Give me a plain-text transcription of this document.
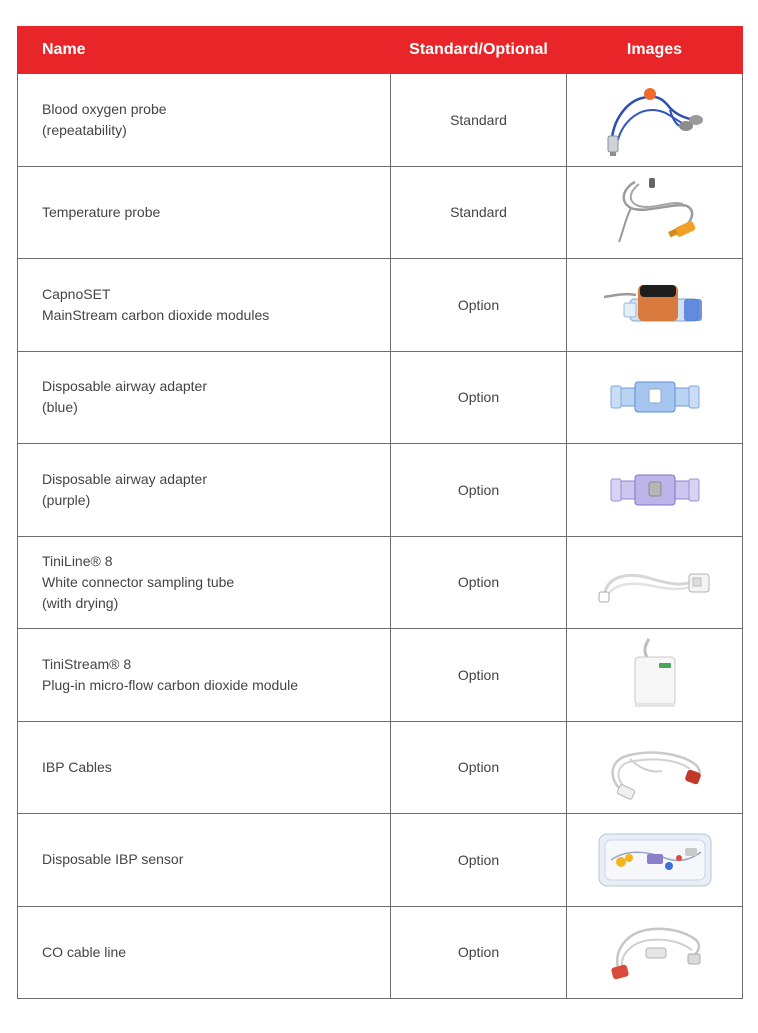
Name	Standard/Optional	Images

Blood oxygen probe
(repeatability)	Standard	

Temperature probe	Standard	

CapnoSET
MainStream carbon dioxide modules	Option	

Disposable airway adapter
(blue)	Option	

Disposable airway adapter
(purple)	Option	

TiniLine® 8
White connector sampling tube
(with drying)	Option	

TiniStream® 8
Plug-in micro-flow carbon dioxide module	Option	

IBP Cables	Option	

Disposable IBP sensor	Option	

CO cable line	Option	
